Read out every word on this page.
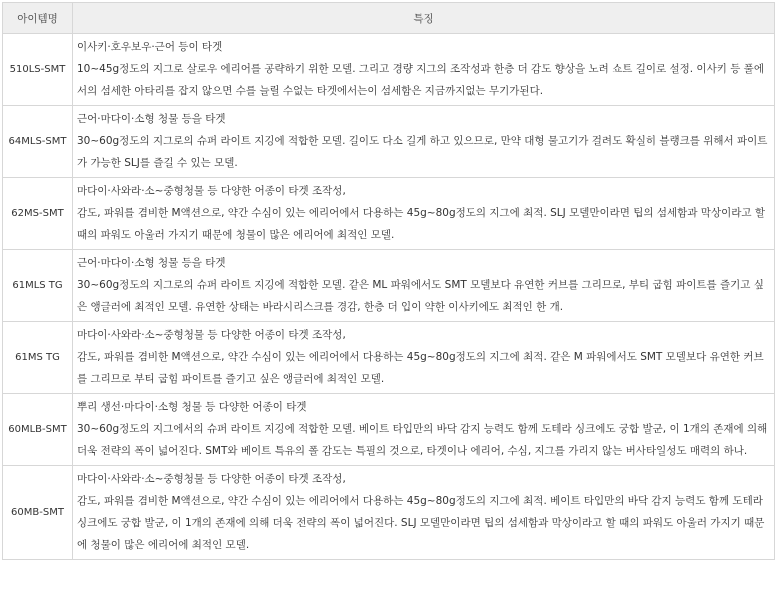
아이템명	특징
510LS-SMT	이사키·호우보우·근어 등이 타겟
10~45g정도의 지그로 살로우 에리어를 공략하기 위한 모델. 그리고 경량 지그의 조작성과 한층 더 감도 향상을 노려 쇼트 길이로 설정. 이사키 등 풀에서의 섬세한 아타리를 잡지 않으면 수를 늘릴 수없는 타겟에서는이 섬세함은 지금까지없는 무기가된다.

64MLS-SMT	근어·마다이·소형 청물 등을 타겟
30~60g정도의 지그로의 슈퍼 라이트 지깅에 적합한 모델. 길이도 다소 길게 하고 있으므로, 만약 대형 물고기가 걸려도 확실히 블랭크를 위해서 파이트가 가능한 SLJ를 즐길 수 있는 모델.

62MS-SMT	마다이·사와라·소~중형청물 등 다양한 어종이 타겟 조작성,
감도, 파워를 겸비한 M액션으로, 약간 수심이 있는 에리어에서 다용하는 45g~80g정도의 지그에 최적. SLJ 모델만이라면 팁의 섬세함과 막상이라고 할 때의 파워도 아울러 가지기 때문에 청물이 많은 에리어에 최적인 모델.

61MLS TG	근어·마다이·소형 청물 등을 타겟
30~60g정도의 지그로의 슈퍼 라이트 지깅에 적합한 모델. 같은 ML 파워에서도 SMT 모델보다 유연한 커브를 그리므로, 부티 굽힘 파이트를 즐기고 싶은 앵글러에 최적인 모델. 유연한 상태는 바라시리스크를 경감, 한층 더 입이 약한 이사키에도 최적인 한 개.

61MS TG	마다이·사와라·소~중형청물 등 다양한 어종이 타겟 조작성,
감도, 파워를 겸비한 M액션으로, 약간 수심이 있는 에리어에서 다용하는 45g~80g정도의 지그에 최적. 같은 M 파워에서도 SMT 모델보다 유연한 커브를 그리므로 부티 굽힘 파이트를 즐기고 싶은 앵글러에 최적인 모델.

60MLB-SMT	뿌리 생선·마다이·소형 청물 등 다양한 어종이 타겟
30~60g정도의 지그에서의 슈퍼 라이트 지깅에 적합한 모델. 베이트 타입만의 바닥 감지 능력도 함께 도테라 싱크에도 궁합 발군, 이 1개의 존재에 의해 더욱 전략의 폭이 넓어진다. SMT와 베이트 특유의 폴 감도는 특필의 것으로, 타겟이나 에리어, 수심, 지그를 가리지 않는 버사타일성도 매력의 하나.

60MB-SMT	마다이·사와라·소~중형청물 등 다양한 어종이 타겟 조작성,
감도, 파워를 겸비한 M액션으로, 약간 수심이 있는 에리어에서 다용하는 45g~80g정도의 지그에 최적. 베이트 타입만의 바닥 감지 능력도 함께 도테라 싱크에도 궁합 발군, 이 1개의 존재에 의해 더욱 전략의 폭이 넓어진다. SLJ 모델만이라면 팁의 섬세함과 막상이라고 할 때의 파워도 아울러 가지기 때문에 청물이 많은 에리어에 최적인 모델.
